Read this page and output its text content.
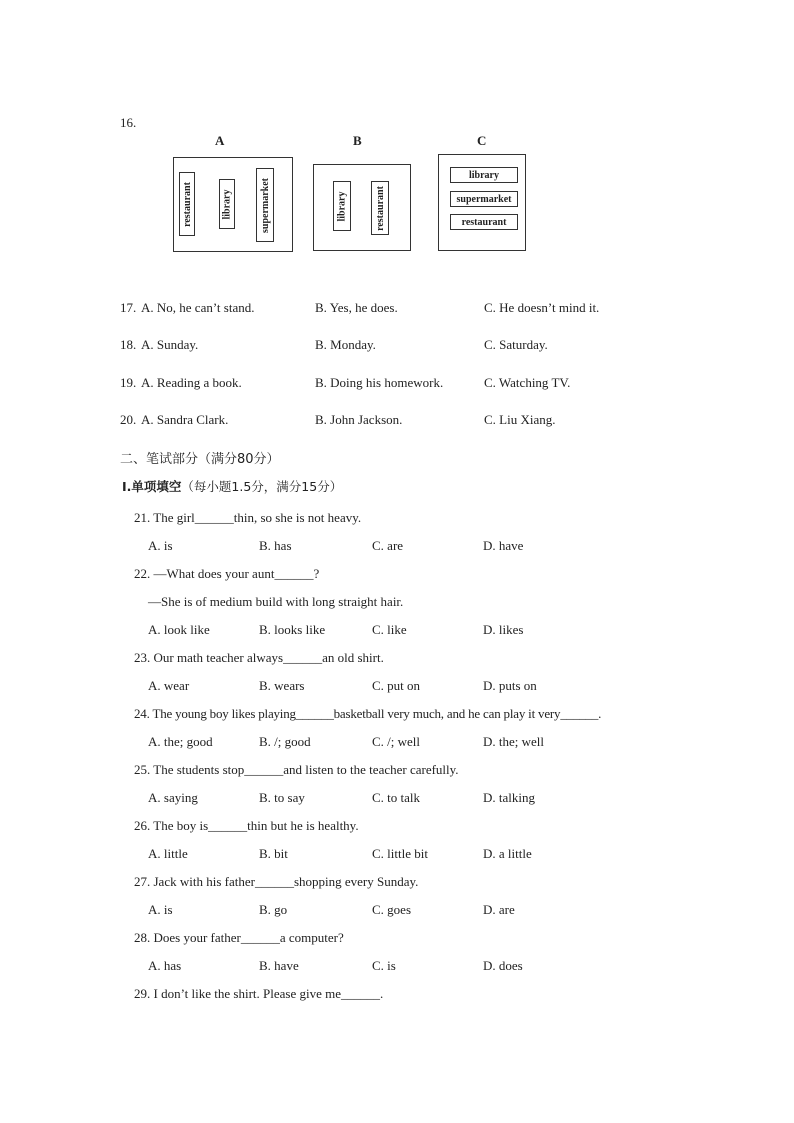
16.
A
restaurant	library	supermarket
B
library	restaurant
C
library
supermarket
restaurant
17. A. No, he can’t stand.	B. Yes, he does.	C. He doesn’t mind it.
18. A. Sunday.	B. Monday.	C. Saturday.
19. A. Reading a book.	B. Doing his homework.	C. Watching TV.
20. A. Sandra Clark.	B. John Jackson.	C. Liu Xiang.
二、笔试部分（满分80分）
Ⅰ.单项填空（每小题1.5分，满分15分）
21. The girl______thin, so she is not heavy.
A. is	B. has	C. are	D. have
22. —What does your aunt______?
—She is of medium build with long straight hair.
A. look like	B. looks like	C. like	D. likes
23. Our math teacher always______an old shirt.
A. wear	B. wears	C. put on	D. puts on
24. The young boy likes playing______basketball very much, and he can play it very______.
A. the; good	B. /; good	C. /; well	D. the; well
25. The students stop______and listen to the teacher carefully.
A. saying	B. to say	C. to talk	D. talking
26. The boy is______thin but he is healthy.
A. little	B. bit	C. little bit	D. a little
27. Jack with his father______shopping every Sunday.
A. is	B. go	C. goes	D. are
28. Does your father______a computer?
A. has	B. have	C. is	D. does
29. I don’t like the shirt. Please give me______.
